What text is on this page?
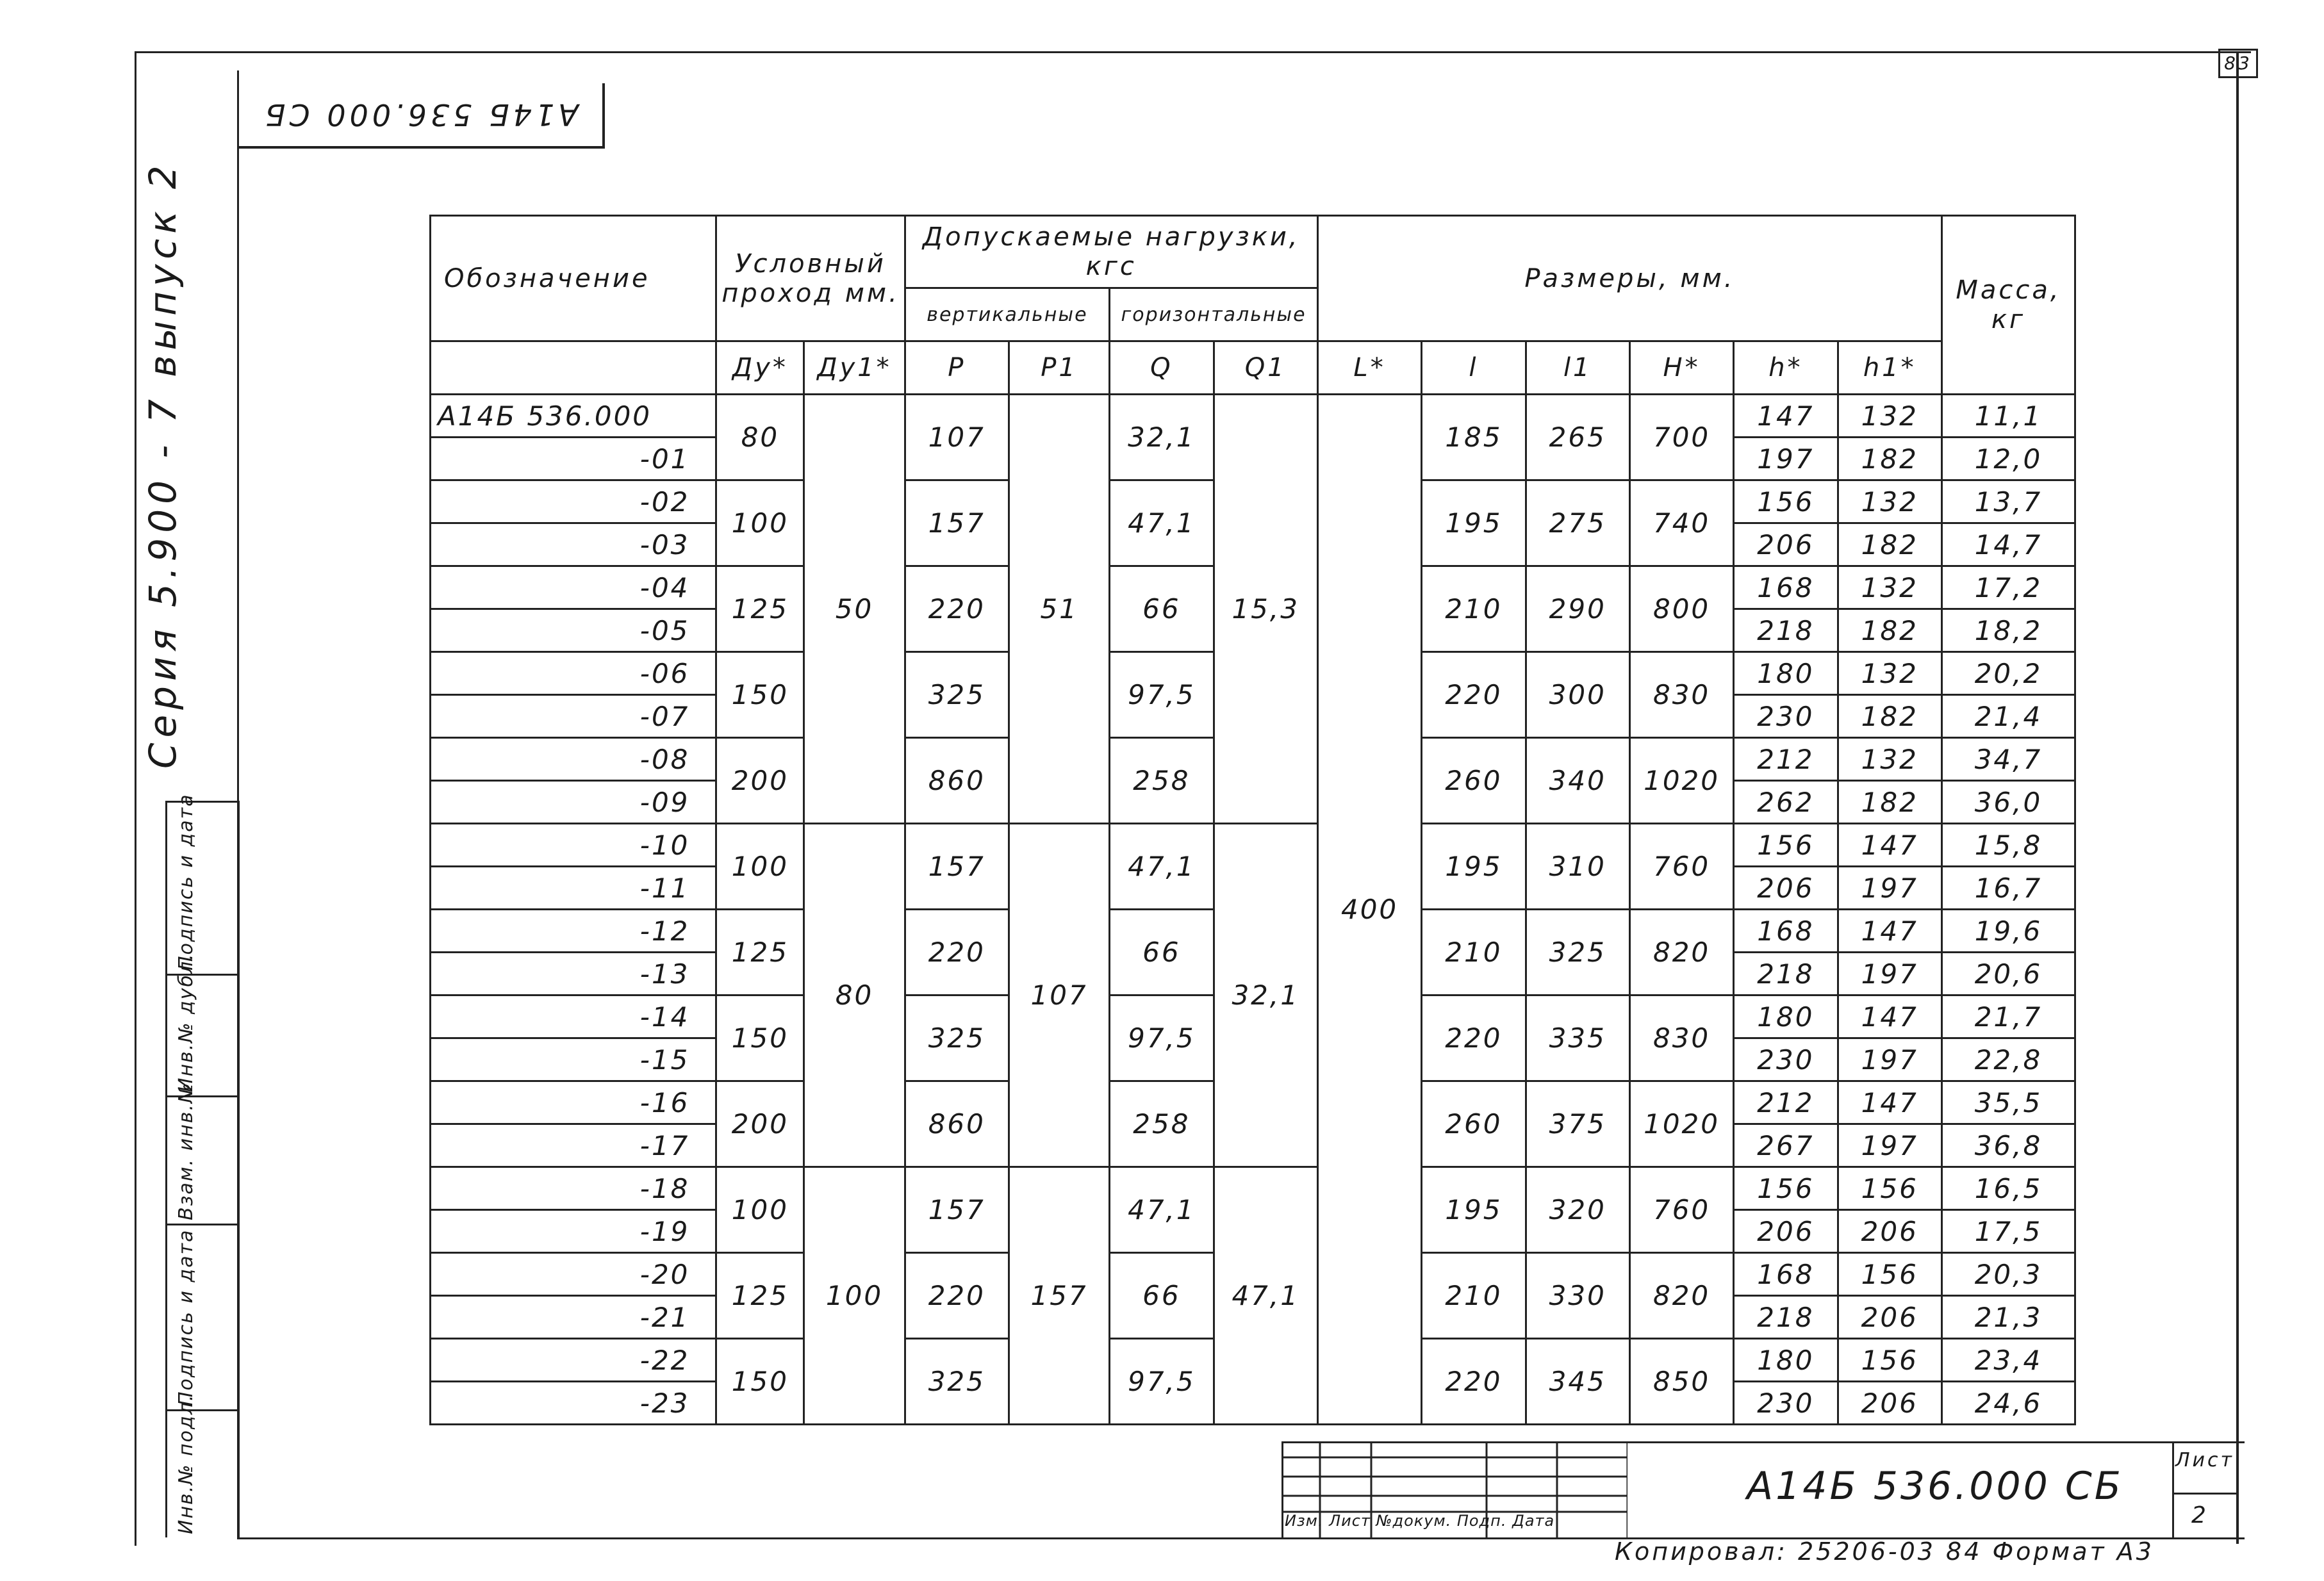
83
А14Б 536.000 СБ
Серия 5.900 - 7 выпуск 2
Подпись и дата
Инв.№ дубл.
Взам. инв.№
Подпись и дата
Инв.№ подл.
Обозначение	Условный проход мм.		Допускаемые нагрузки, кгс				Размеры, мм.						Масса, кг
			вертикальные		горизонтальные								
	Ду*	Ду1*	P	P1	Q	Q1	L*	l	l1	H*	h*	h1*	
А14Б 536.000	80	50	107	51	32,1	15,3	400	185	265	700	147	132	11,1
-01											197	182	12,0
-02	100		157		47,1			195	275	740	156	132	13,7
-03											206	182	14,7
-04	125		220		66			210	290	800	168	132	17,2
-05											218	182	18,2
-06	150		325		97,5			220	300	830	180	132	20,2
-07											230	182	21,4
-08	200		860		258			260	340	1020	212	132	34,7
-09											262	182	36,0
-10	100	80	157	107	47,1	32,1		195	310	760	156	147	15,8
-11											206	197	16,7
-12	125		220		66			210	325	820	168	147	19,6
-13											218	197	20,6
-14	150		325		97,5			220	335	830	180	147	21,7
-15											230	197	22,8
-16	200		860		258			260	375	1020	212	147	35,5
-17											267	197	36,8
-18	100	100	157	157	47,1	47,1		195	320	760	156	156	16,5
-19											206	206	17,5
-20	125		220		66			210	330	820	168	156	20,3
-21											218	206	21,3
-22	150		325		97,5			220	345	850	180	156	23,4
-23											230	206	24,6
Изм. Лист №докум. Подп. Дата
А14Б 536.000 СБ
Лист
2
Копировал: 25206-03 84 Формат А3
